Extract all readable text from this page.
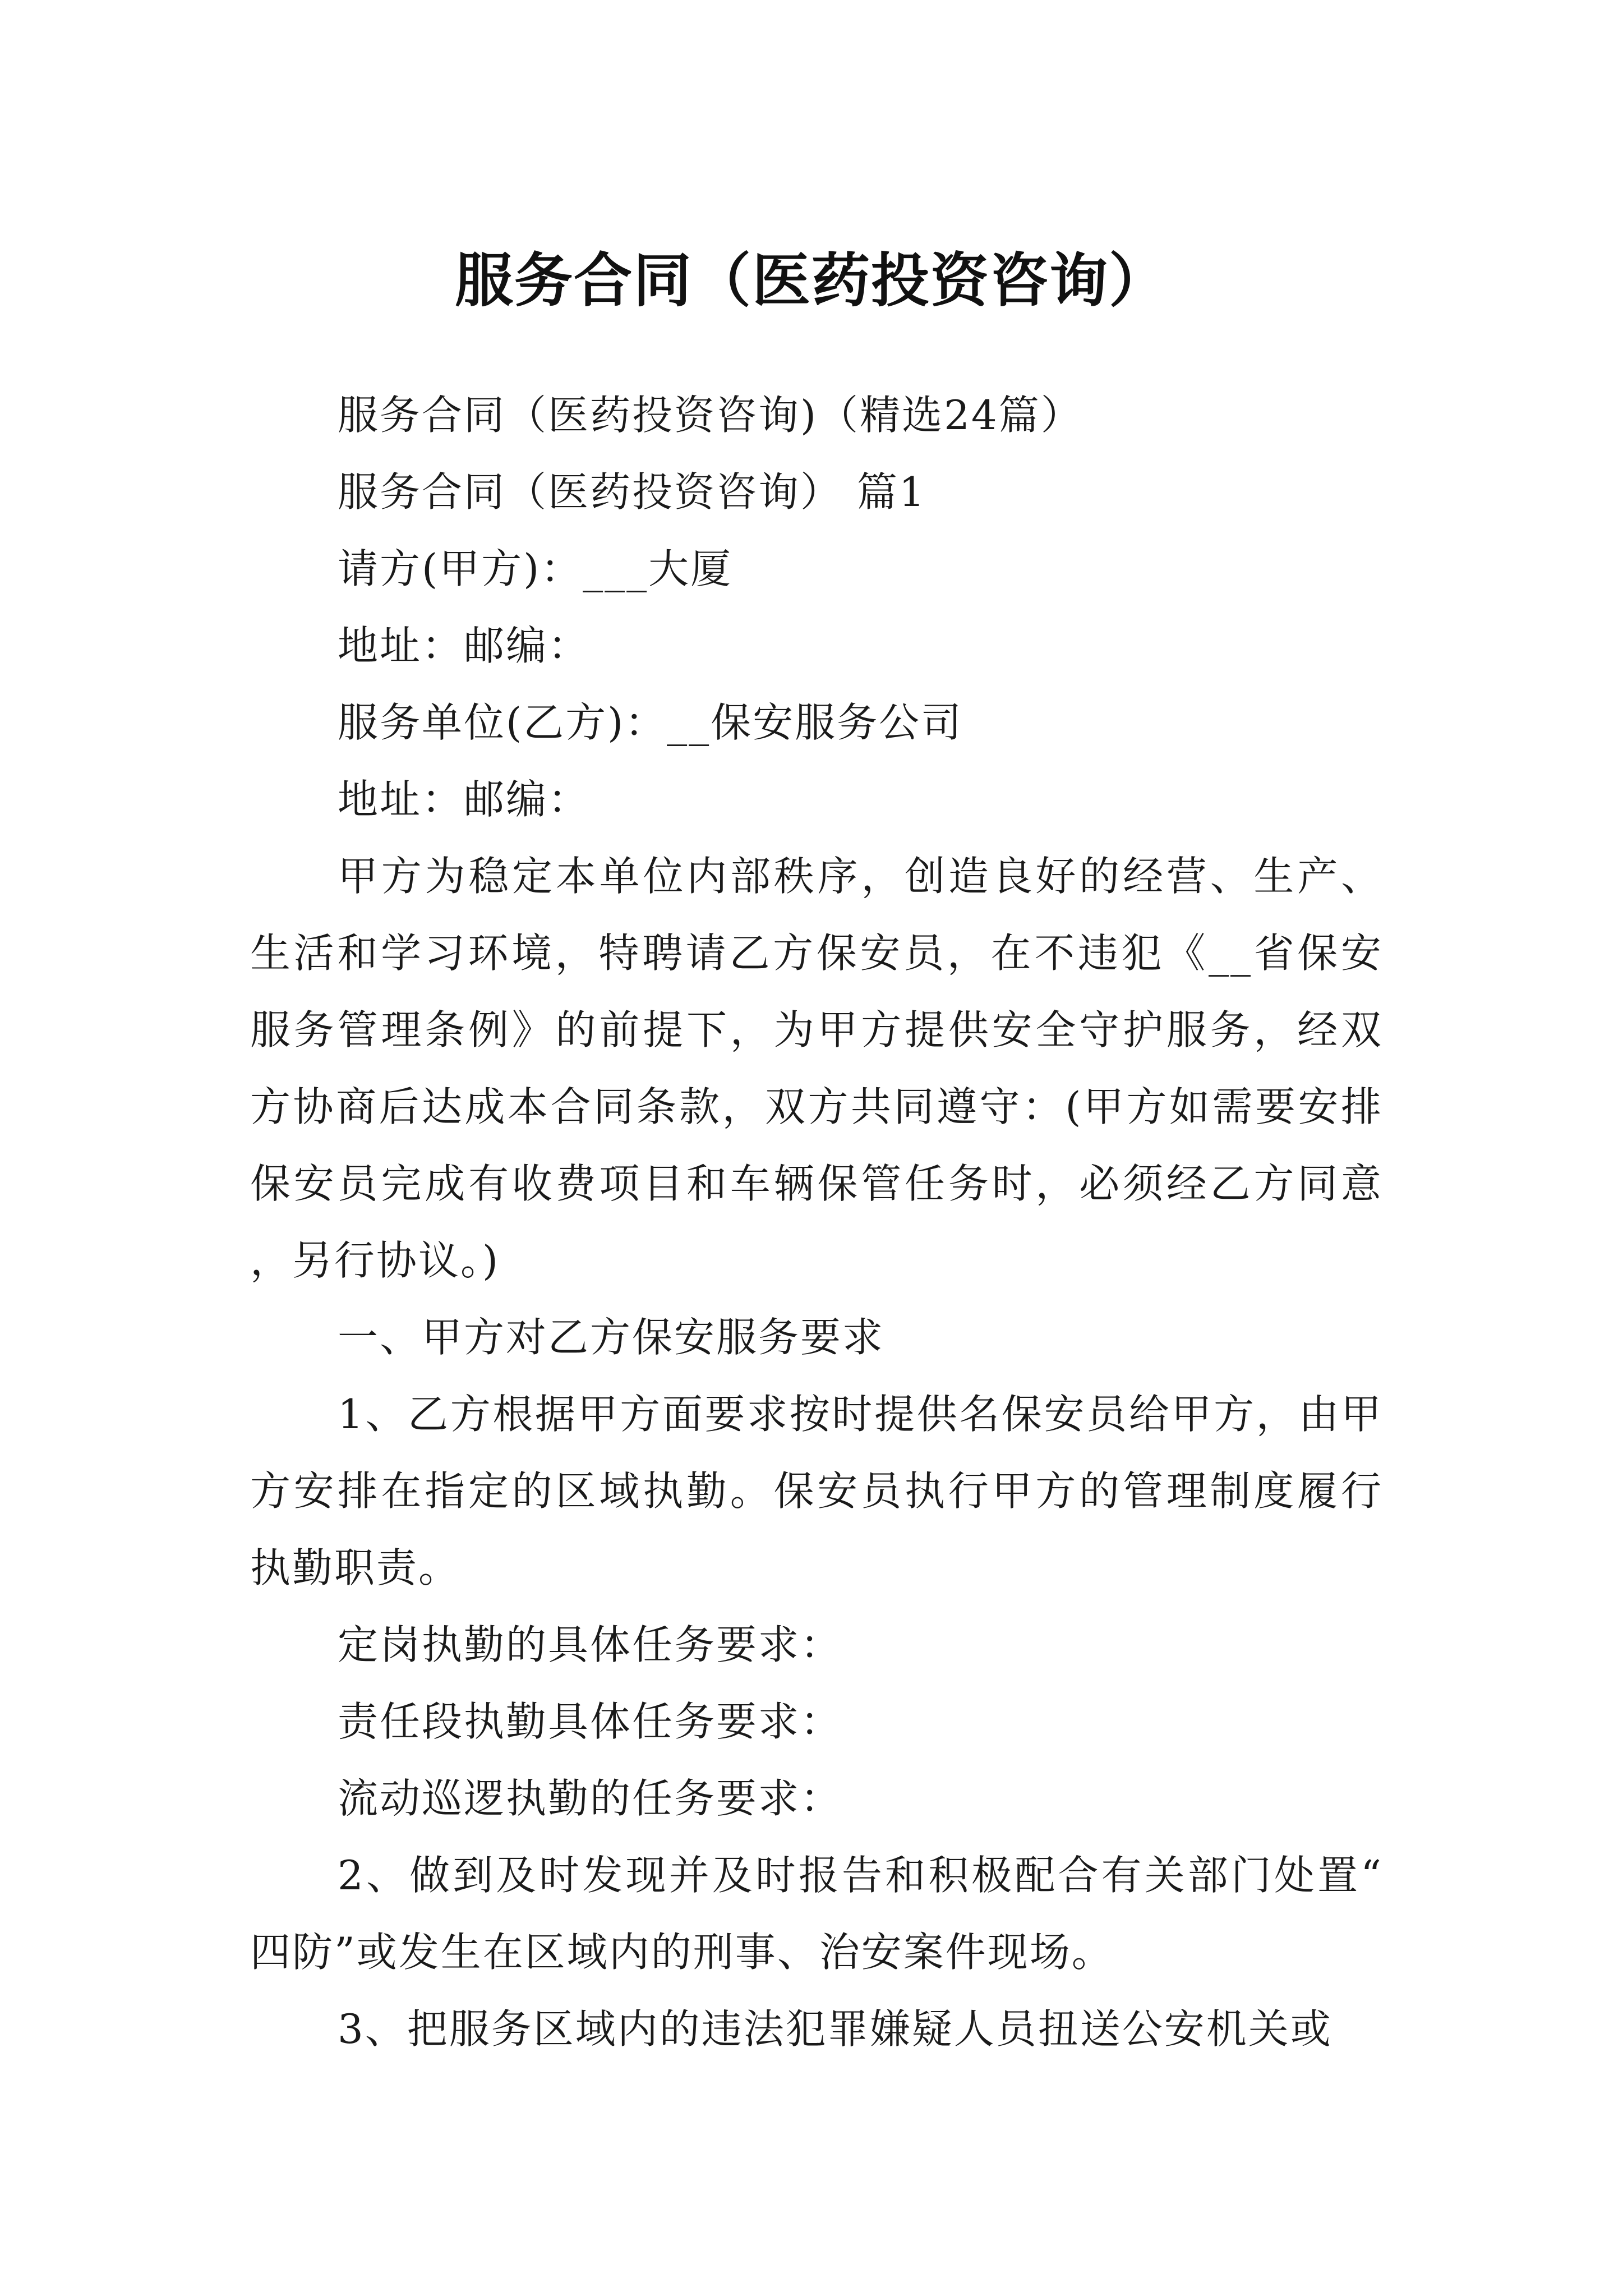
服务合同（医药投资咨询）

服务合同（医药投资咨询)（精选24篇）

服务合同（医药投资咨询） 篇1

请方(甲方)：___大厦

地址：邮编：

服务单位(乙方)：__保安服务公司

地址：邮编：

甲方为稳定本单位内部秩序，创造良好的经营、生产、生活和学习环境，特聘请乙方保安员，在不违犯《__省保安服务管理条例》的前提下，为甲方提供安全守护服务，经双方协商后达成本合同条款，双方共同遵守：(甲方如需要安排保安员完成有收费项目和车辆保管任务时，必须经乙方同意，另行协议。)

一、甲方对乙方保安服务要求

1、乙方根据甲方面要求按时提供名保安员给甲方，由甲方安排在指定的区域执勤。保安员执行甲方的管理制度履行执勤职责。

定岗执勤的具体任务要求：

责任段执勤具体任务要求：

流动巡逻执勤的任务要求：

2、做到及时发现并及时报告和积极配合有关部门处置“四防”或发生在区域内的刑事、治安案件现场。

3、把服务区域内的违法犯罪嫌疑人员扭送公安机关或
